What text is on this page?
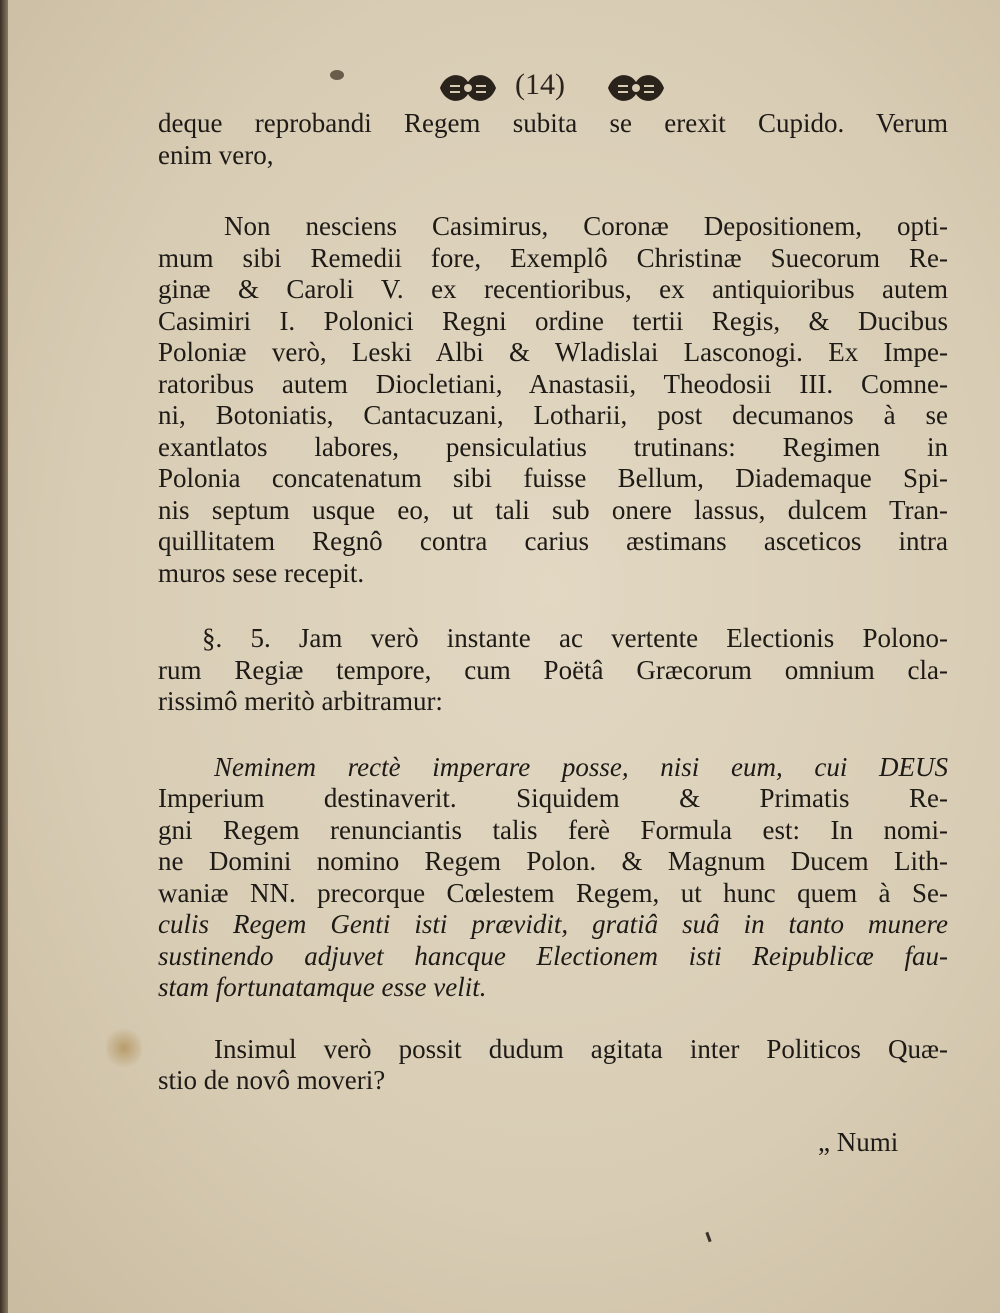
(14)
deque reprobandi Regem subita se erexit Cupido. Verum
enim vero,
Non nesciens Casimirus, Coronæ Depositionem, opti-
mum sibi Remedii fore, Exemplô Christinæ Suecorum Re-
ginæ & Caroli V. ex recentioribus, ex antiquioribus autem
Casimiri I. Polonici Regni ordine tertii Regis, & Ducibus
Poloniæ verò, Leski Albi & Wladislai Lasconogi. Ex Impe-
ratoribus autem Diocletiani, Anastasii, Theodosii III. Comne-
ni, Botoniatis, Cantacuzani, Lotharii, post decumanos à se
exantlatos labores, pensiculatius trutinans: Regimen in
Polonia concatenatum sibi fuisse Bellum, Diademaque Spi-
nis septum usque eo, ut tali sub onere lassus, dulcem Tran-
quillitatem Regnô contra carius æstimans asceticos intra
muros sese recepit.
§. 5. Jam verò instante ac vertente Electionis Polono-
rum Regiæ tempore, cum Poëtâ Græcorum omnium cla-
rissimô meritò arbitramur:
Neminem rectè imperare posse, nisi eum, cui DEUS
Imperium destinaverit. Siquidem & Primatis Re-
gni Regem renunciantis talis ferè Formula est: In nomi-
ne Domini nomino Regem Polon. & Magnum Ducem Lith-
waniæ NN. precorque Cœlestem Regem, ut hunc quem à Se-
culis Regem Genti isti prævidit, gratiâ suâ in tanto munere
sustinendo adjuvet hancque Electionem isti Reipublicæ fau-
stam fortunatamque esse velit.
Insimul verò possit dudum agitata inter Politicos Quæ-
stio de novô moveri?
„ Numi
